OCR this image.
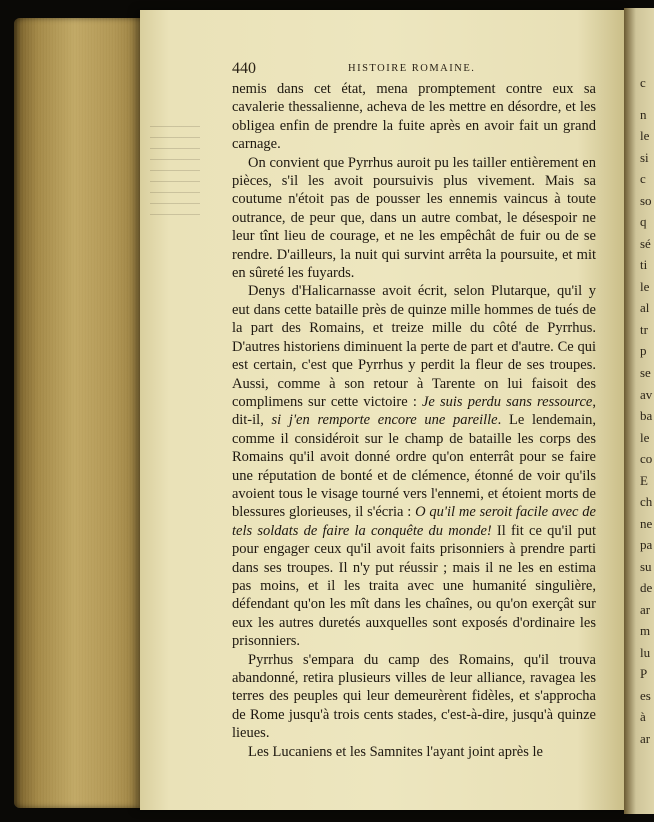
c
n
le
si
c
so
q
sé
ti
le
al
tr
p
se
av
ba
le
co
E
ch
ne
pa
su
de
ar
m
lu
P
es
à
ar
440	HISTOIRE ROMAINE.

nemis dans cet état, mena promptement contre eux sa cavalerie thessalienne, acheva de les mettre en désordre, et les obligea enfin de prendre la fuite après en avoir fait un grand carnage.

On convient que Pyrrhus auroit pu les tailler entièrement en pièces, s'il les avoit poursuivis plus vivement. Mais sa coutume n'étoit pas de pousser les ennemis vaincus à toute outrance, de peur que, dans un autre combat, le désespoir ne leur tînt lieu de courage, et ne les empêchât de fuir ou de se rendre. D'ailleurs, la nuit qui survint arrêta la poursuite, et mit en sûreté les fuyards.

Denys d'Halicarnasse avoit écrit, selon Plutarque, qu'il y eut dans cette bataille près de quinze mille hommes de tués de la part des Romains, et treize mille du côté de Pyrrhus. D'autres historiens diminuent la perte de part et d'autre. Ce qui est certain, c'est que Pyrrhus y perdit la fleur de ses troupes. Aussi, comme à son retour à Tarente on lui faisoit des complimens sur cette victoire : Je suis perdu sans ressource, dit-il, si j'en remporte encore une pareille. Le lendemain, comme il considéroit sur le champ de bataille les corps des Romains qu'il avoit donné ordre qu'on enterrât pour se faire une réputation de bonté et de clémence, étonné de voir qu'ils avoient tous le visage tourné vers l'ennemi, et étoient morts de blessures glorieuses, il s'écria : O qu'il me seroit facile avec de tels soldats de faire la conquête du monde! Il fit ce qu'il put pour engager ceux qu'il avoit faits prisonniers à prendre parti dans ses troupes. Il n'y put réussir ; mais il ne les en estima pas moins, et il les traita avec une humanité singulière, défendant qu'on les mît dans les chaînes, ou qu'on exerçât sur eux les autres duretés auxquelles sont exposés d'ordinaire les prisonniers.

Pyrrhus s'empara du camp des Romains, qu'il trouva abandonné, retira plusieurs villes de leur alliance, ravagea les terres des peuples qui leur demeurèrent fidèles, et s'approcha de Rome jusqu'à trois cents stades, c'est-à-dire, jusqu'à quinze lieues.

Les Lucaniens et les Samnites l'ayant joint après le
